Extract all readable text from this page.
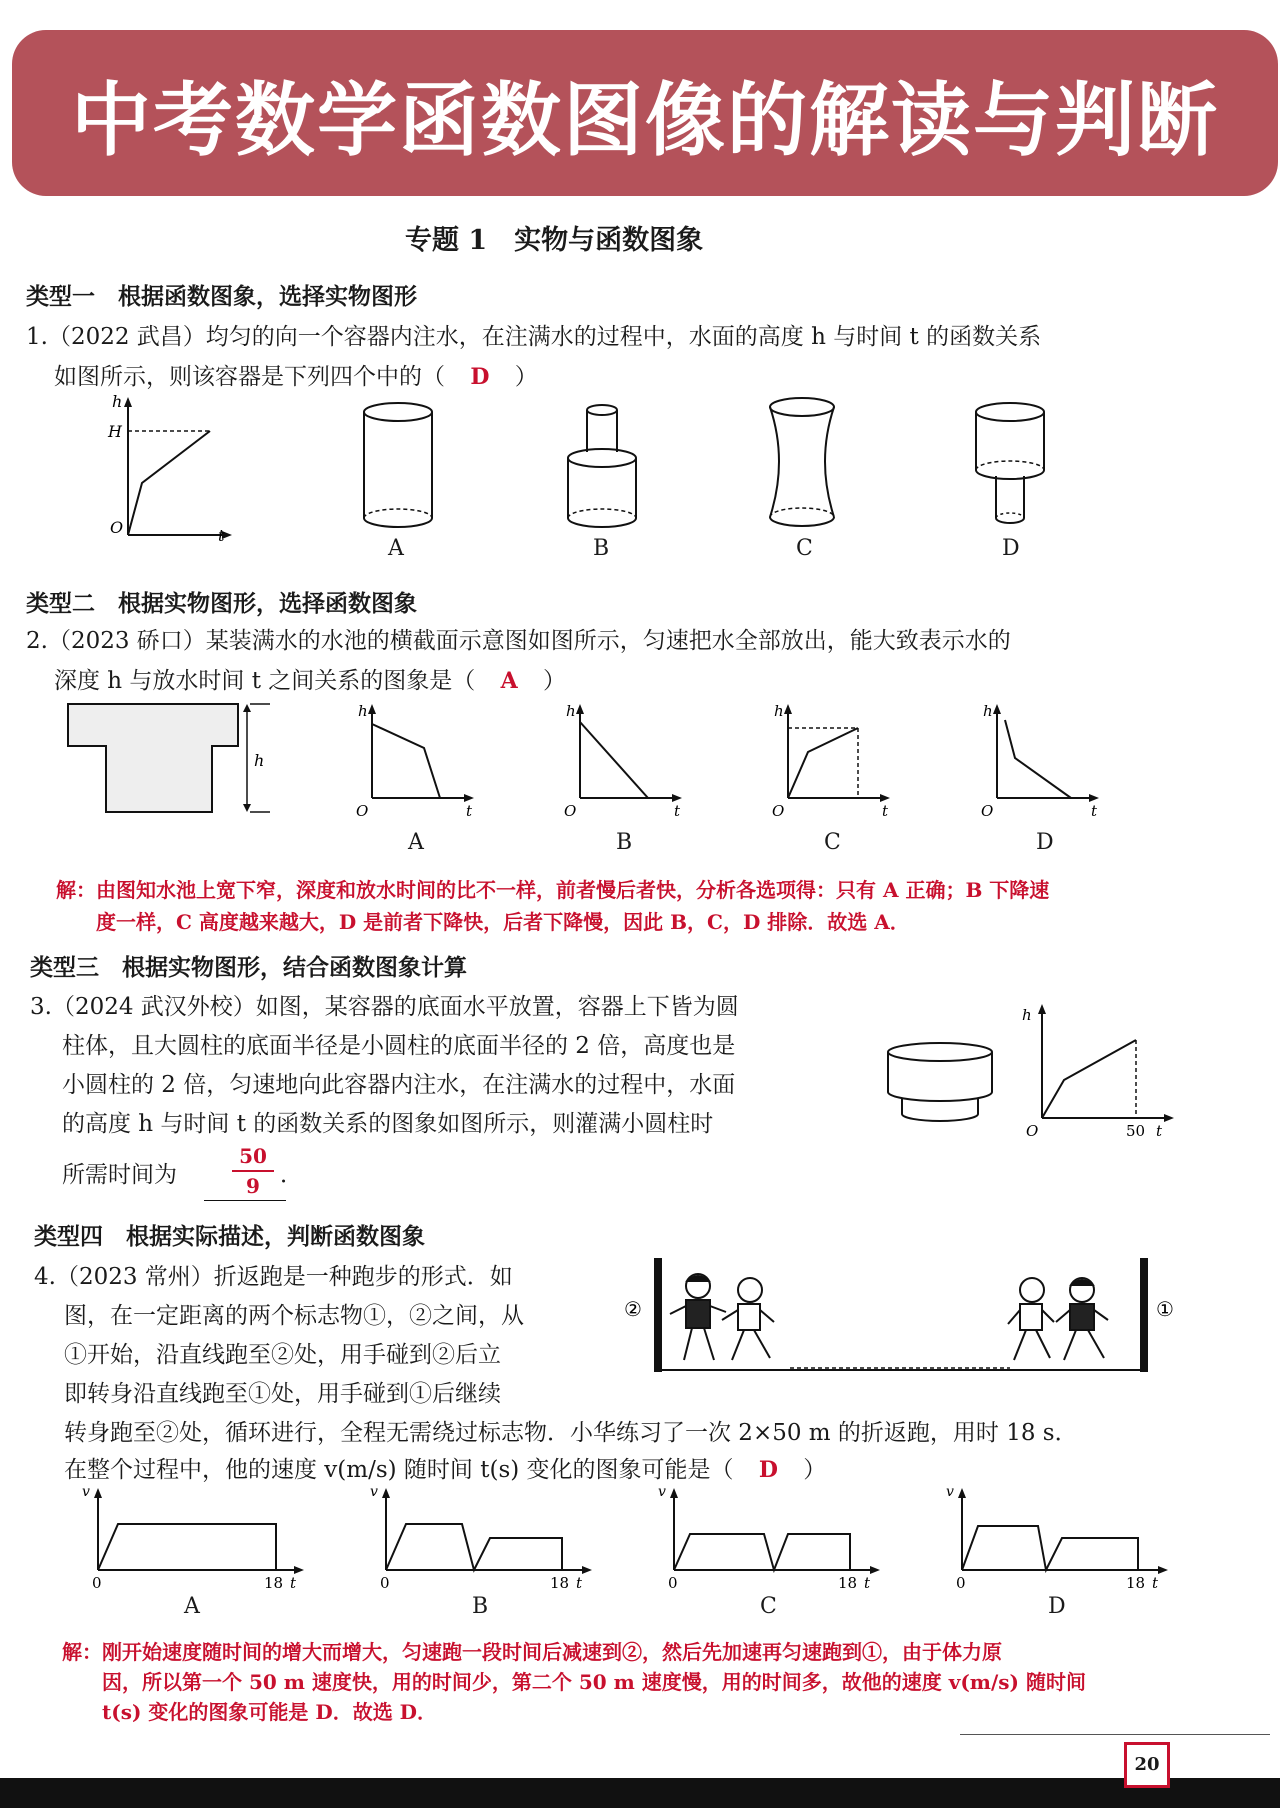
中考数学函数图像的解读与判断
专题 1　实物与函数图象
类型一　根据函数图象，选择实物图形
1.（2022 武昌）均匀的向一个容器内注水，在注满水的过程中，水面的高度 h 与时间 t 的函数关系
如图所示，则该容器是下列四个中的（ D ）
h
H
O	t
A	B	C	D
类型二　根据实物图形，选择函数图象
2.（2023 硚口）某装满水的水池的横截面示意图如图所示，匀速把水全部放出，能大致表示水的
深度 h 与放水时间 t 之间关系的图象是（ A ）
h
h
O	t
h
O	t
h
O	t
h
O	t
A	B	C	D
解：由图知水池上宽下窄，深度和放水时间的比不一样，前者慢后者快，分析各选项得：只有 A 正确；B 下降速
度一样，C 高度越来越大，D 是前者下降快，后者下降慢，因此 B，C，D 排除．故选 A．
类型三　根据实物图形，结合函数图象计算
3.（2024 武汉外校）如图，某容器的底面水平放置，容器上下皆为圆
柱体，且大圆柱的底面半径是小圆柱的底面半径的 2 倍，高度也是
小圆柱的 2 倍，匀速地向此容器内注水，在注满水的过程中，水面
的高度 h 与时间 t 的函数关系的图象如图所示，则灌满小圆柱时
所需时间为
50
9 ．
h
O	50 t
类型四　根据实际描述，判断函数图象
4.（2023 常州）折返跑是一种跑步的形式．如
图，在一定距离的两个标志物①，②之间，从
①开始，沿直线跑至②处，用手碰到②后立
即转身沿直线跑至①处，用手碰到①后继续
转身跑至②处，循环进行，全程无需绕过标志物．小华练习了一次 2×50 m 的折返跑，用时 18 s．
在整个过程中，他的速度 v(m/s) 随时间 t(s) 变化的图象可能是（ D ）
②	①
v
0	18 t
v
0	18 t
v
0	18 t
v
0	18 t
A	B	C	D
解：刚开始速度随时间的增大而增大，匀速跑一段时间后减速到②，然后先加速再匀速跑到①，由于体力原
因，所以第一个 50 m 速度快，用的时间少，第二个 50 m 速度慢，用的时间多，故他的速度 v(m/s) 随时间
t(s) 变化的图象可能是 D．故选 D．
20
